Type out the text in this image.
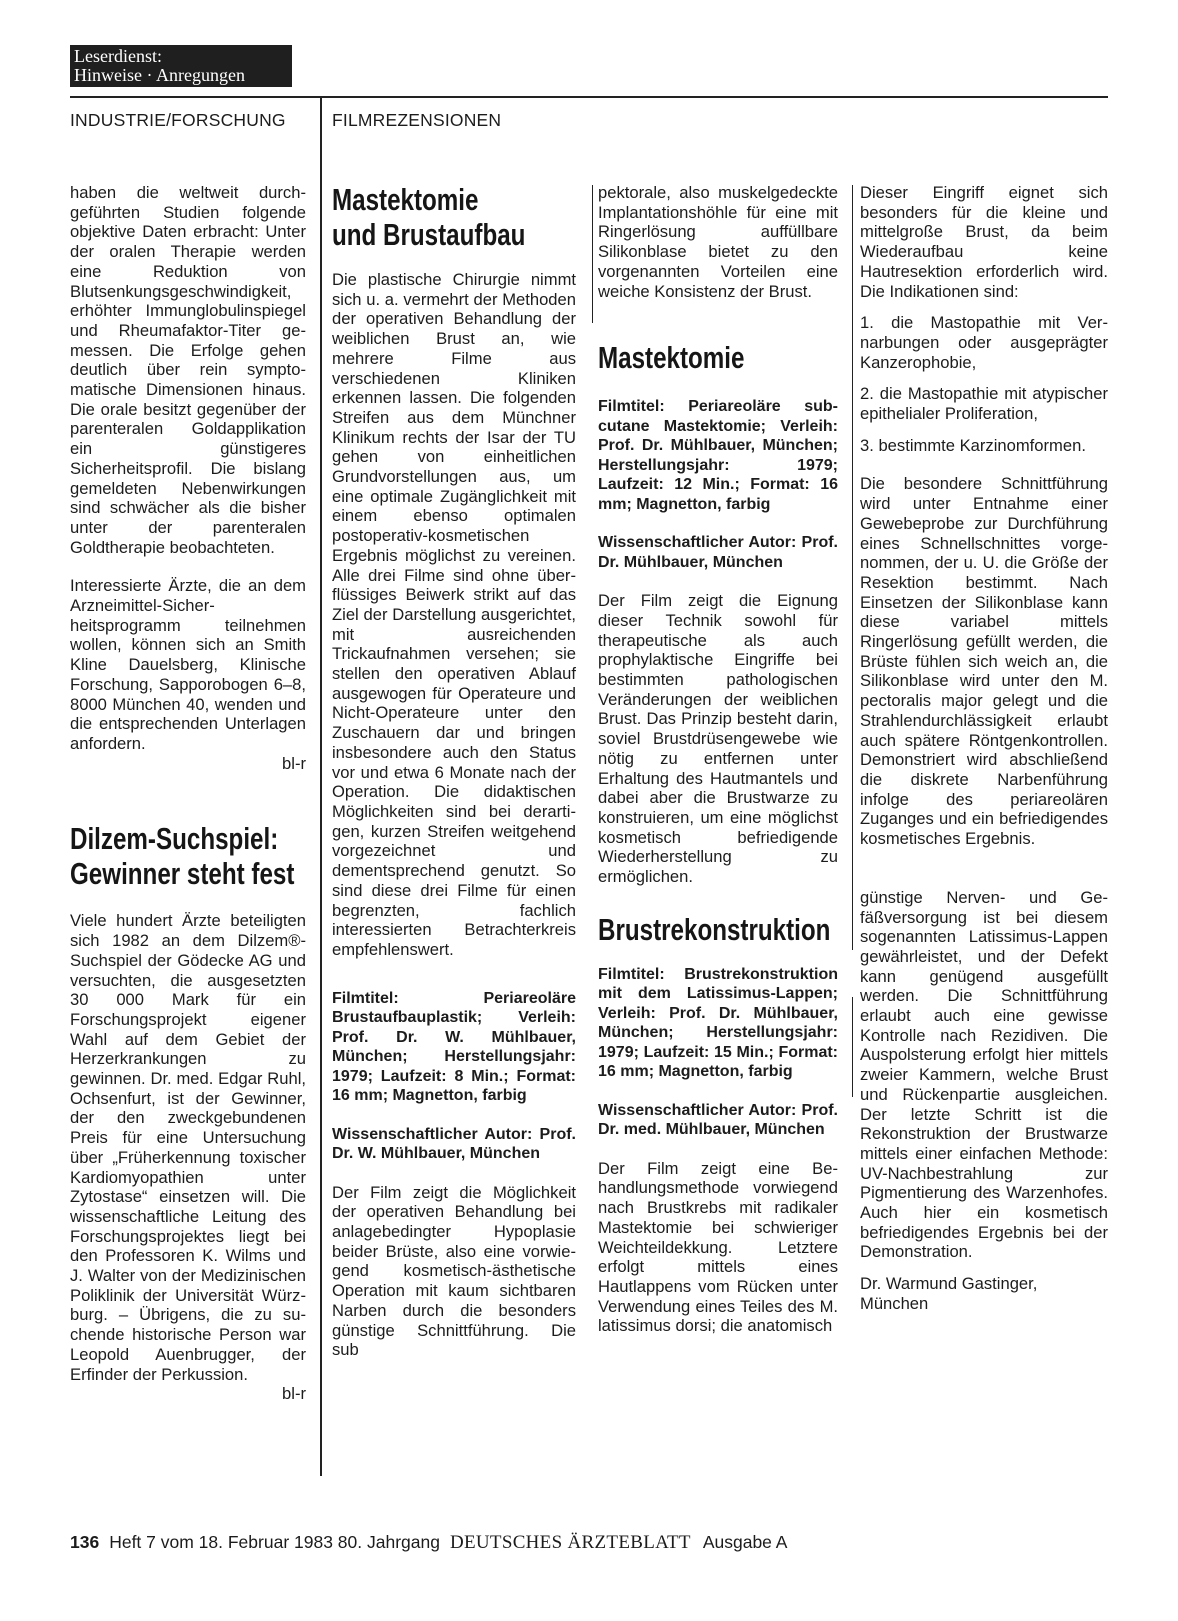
Leserdienst:
Hinweise · Anregungen
INDUSTRIE/FORSCHUNG	FILMREZENSIONEN

haben die weltweit durchgeführten Studien folgende objektive Daten erbracht: Unter der oralen Therapie werden eine Reduktion von Blutsenkungsgeschwindigkeit, erhöhter Immunglobulinspiegel und Rheumafaktor-Titer gemessen. Die Erfolge gehen deutlich über rein symptomatische Dimensionen hinaus. Die orale besitzt gegenüber der parenteralen Goldapplikation ein günstigeres Sicherheitsprofil. Die bislang gemeldeten Nebenwirkungen sind schwächer als die bisher unter der parenteralen Goldtherapie beobachteten.

Interessierte Ärzte, die an dem Arzneimittel-Sicherheitsprogramm teilnehmen wollen, können sich an Smith Kline Dauelsberg, Klinische Forschung, Sapporobogen 6–8, 8000 München 40, wenden und die entsprechenden Unterlagen anfordern.

bl-r
Dilzem-Suchspiel:
Gewinner steht fest

Viele hundert Ärzte beteiligten sich 1982 an dem Dilzem®-Suchspiel der Gödecke AG und versuchten, die ausgesetzten 30 000 Mark für ein Forschungsprojekt eigener Wahl auf dem Gebiet der Herzerkrankungen zu gewinnen. Dr. med. Edgar Ruhl, Ochsenfurt, ist der Gewinner, der den zweckgebundenen Preis für eine Untersuchung über „Früherkennung toxischer Kardiomyopathien unter Zytostase“ einsetzen will. Die wissenschaftliche Leitung des Forschungsprojektes liegt bei den Professoren K. Wilms und J. Walter von der Medizinischen Poliklinik der Universität Würzburg. – Übrigens, die zu suchende historische Person war Leopold Auenbrugger, der Erfinder der Perkussion.

bl-r
Mastektomie
und Brustaufbau

Die plastische Chirurgie nimmt sich u. a. vermehrt der Methoden der operativen Behandlung der weiblichen Brust an, wie mehrere Filme aus verschiedenen Kliniken erkennen lassen. Die folgenden Streifen aus dem Münchner Klinikum rechts der Isar der TU gehen von einheitlichen Grundvorstellungen aus, um eine optimale Zugänglichkeit mit einem ebenso optimalen postoperativ-kosmetischen Ergebnis möglichst zu vereinen. Alle drei Filme sind ohne überflüssiges Beiwerk strikt auf das Ziel der Darstellung ausgerichtet, mit ausreichenden Trickaufnahmen versehen; sie stellen den operativen Ablauf ausgewogen für Operateure und Nicht-Operateure unter den Zuschauern dar und bringen insbesondere auch den Status vor und etwa 6 Monate nach der Operation. Die didaktischen Möglichkeiten sind bei derartigen, kurzen Streifen weitgehend vorgezeichnet und dementsprechend genutzt. So sind diese drei Filme für einen begrenzten, fachlich interessierten Betrachterkreis empfehlenswert.

Filmtitel: Periareoläre Brustaufbauplastik; Verleih: Prof. Dr. W. Mühlbauer, München; Herstellungsjahr: 1979; Laufzeit: 8 Min.; Format: 16 mm; Magnetton, farbig

Wissenschaftlicher Autor: Prof. Dr. W. Mühlbauer, München

Der Film zeigt die Möglichkeit der operativen Behandlung bei anlagebedingter Hypoplasie beider Brüste, also eine vorwiegend kosmetisch-ästhetische Operation mit kaum sichtbaren Narben durch die besonders günstige Schnittführung. Die sub

pektorale, also muskelgedeckte Implantationshöhle für eine mit Ringerlösung auffüllbare Silikonblase bietet zu den vorgenannten Vorteilen eine weiche Konsistenz der Brust.

Mastektomie

Filmtitel: Periareoläre subcutane Mastektomie; Verleih: Prof. Dr. Mühlbauer, München; Herstellungsjahr: 1979; Laufzeit: 12 Min.; Format: 16 mm; Magnetton, farbig

Wissenschaftlicher Autor: Prof. Dr. Mühlbauer, München

Der Film zeigt die Eignung dieser Technik sowohl für therapeutische als auch prophylaktische Eingriffe bei bestimmten pathologischen Veränderungen der weiblichen Brust. Das Prinzip besteht darin, soviel Brustdrüsengewebe wie nötig zu entfernen unter Erhaltung des Hautmantels und dabei aber die Brustwarze zu konstruieren, um eine möglichst kosmetisch befriedigende Wiederherstellung zu ermöglichen.

Brustrekonstruktion

Filmtitel: Brustrekonstruktion mit dem Latissimus-Lappen; Verleih: Prof. Dr. Mühlbauer, München; Herstellungsjahr: 1979; Laufzeit: 15 Min.; Format: 16 mm; Magnetton, farbig

Wissenschaftlicher Autor: Prof. Dr. med. Mühlbauer, München

Der Film zeigt eine Behandlungsmethode vorwiegend nach Brustkrebs mit radikaler Mastektomie bei schwieriger Weichteildekkung. Letztere erfolgt mittels eines Hautlappens vom Rücken unter Verwendung eines Teiles des M. latissimus dorsi; die anatomisch

Dieser Eingriff eignet sich besonders für die kleine und mittelgroße Brust, da beim Wiederaufbau keine Hautresektion erforderlich wird. Die Indikationen sind:

1. die Mastopathie mit Vernarbungen oder ausgeprägter Kanzerophobie,

2. die Mastopathie mit atypischer epithelialer Proliferation,

3. bestimmte Karzinomformen.

Die besondere Schnittführung wird unter Entnahme einer Gewebeprobe zur Durchführung eines Schnellschnittes vorgenommen, der u. U. die Größe der Resektion bestimmt. Nach Einsetzen der Silikonblase kann diese variabel mittels Ringerlösung gefüllt werden, die Brüste fühlen sich weich an, die Silikonblase wird unter den M. pectoralis major gelegt und die Strahlendurchlässigkeit erlaubt auch spätere Röntgenkontrollen. Demonstriert wird abschließend die diskrete Narbenführung infolge des periareolären Zuganges und ein befriedigendes kosmetisches Ergebnis.

günstige Nerven- und Gefäßversorgung ist bei diesem sogenannten Latissimus-Lappen gewährleistet, und der Defekt kann genügend ausgefüllt werden. Die Schnittführung erlaubt auch eine gewisse Kontrolle nach Rezidiven. Die Auspolsterung erfolgt hier mittels zweier Kammern, welche Brust und Rückenpartie ausgleichen. Der letzte Schritt ist die Rekonstruktion der Brustwarze mittels einer einfachen Methode: UV-Nachbestrahlung zur Pigmentierung des Warzenhofes. Auch hier ein kosmetisch befriedigendes Ergebnis bei der Demonstration.

Dr. Warmund Gastinger, München

136 Heft 7 vom 18. Februar 1983 80. Jahrgang DEUTSCHES ÄRZTEBLATT Ausgabe A
